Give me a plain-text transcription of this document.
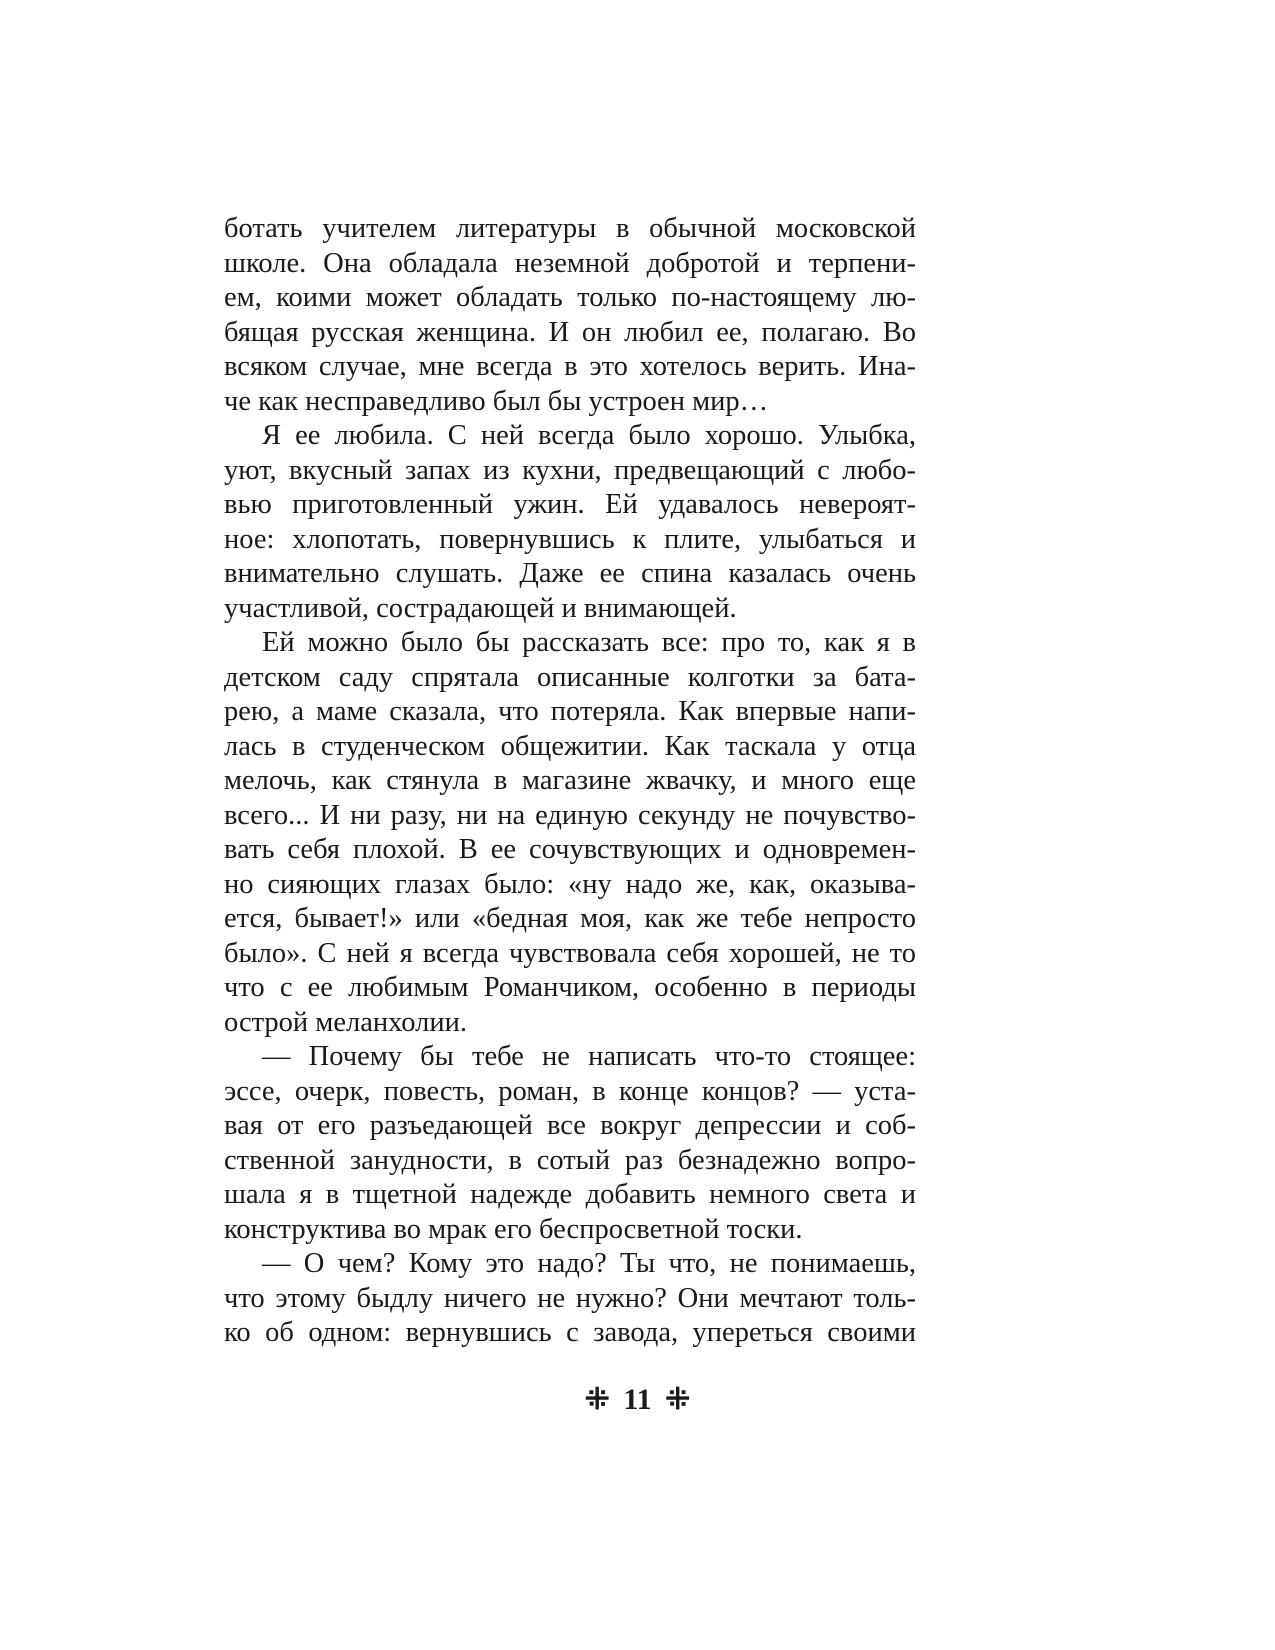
ботать учителем литературы в обычной московской
школе. Она обладала неземной добротой и терпени-
ем, коими может обладать только по-настоящему лю-
бящая русская женщина. И он любил ее, полагаю. Во
всяком случае, мне всегда в это хотелось верить. Ина-
че как несправедливо был бы устроен мир…
Я ее любила. С ней всегда было хорошо. Улыбка,
уют, вкусный запах из кухни, предвещающий с любо-
вью приготовленный ужин. Ей удавалось невероят-
ное: хлопотать, повернувшись к плите, улыбаться и
внимательно слушать. Даже ее спина казалась очень
участливой, сострадающей и внимающей.
Ей можно было бы рассказать все: про то, как я в
детском саду спрятала описанные колготки за бата-
рею, а маме сказала, что потеряла. Как впервые напи-
лась в студенческом общежитии. Как таскала у отца
мелочь, как стянула в магазине жвачку, и много еще
всего... И ни разу, ни на единую секунду не почувство-
вать себя плохой. В ее сочувствующих и одновремен-
но сияющих глазах было: «ну надо же, как, оказыва-
ется, бывает!» или «бедная моя, как же тебе непросто
было». С ней я всегда чувствовала себя хорошей, не то
что с ее любимым Романчиком, особенно в периоды
острой меланхолии.
— Почему бы тебе не написать что-то стоящее:
эссе, очерк, повесть, роман, в конце концов? — уста-
вая от его разъедающей все вокруг депрессии и соб-
ственной занудности, в сотый раз безнадежно вопро-
шала я в тщетной надежде добавить немного света и
конструктива во мрак его беспросветной тоски.
— О чем? Кому это надо? Ты что, не понимаешь,
что этому быдлу ничего не нужно? Они мечтают толь-
ко об одном: вернувшись с завода, упереться своими
⁜ 11 ⁜
